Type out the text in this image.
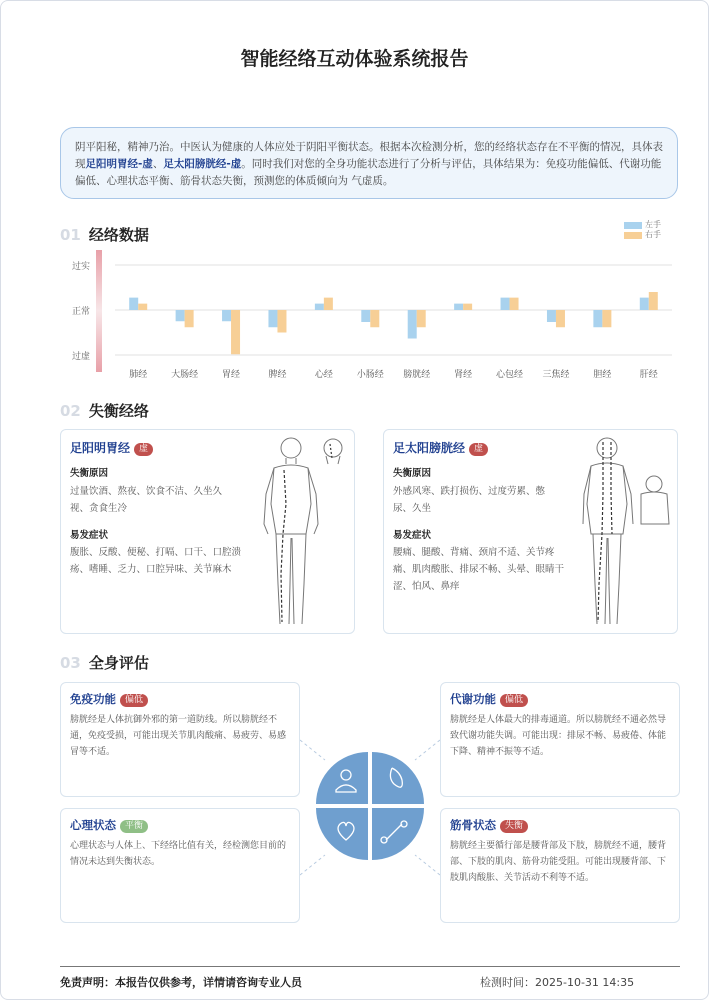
智能经络互动体验系统报告
阴平阳秘，精神乃治。中医认为健康的人体应处于阴阳平衡状态。根据本次检测分析，您的经络状态存在不平衡的情况，具体表现足阳明胃经-虚、足太阳膀胱经-虚。同时我们对您的全身功能状态进行了分析与评估，具体结果为：免疫功能偏低、代谢功能偏低、心理状态平衡、筋骨状态失衡，预测您的体质倾向为 气虚质。
01 经络数据
左手
右手
过实
正常
过虚
肺经	大肠经	胃经	脾经	心经	小肠经 膀胱经	肾经	心包经 三焦经	胆经	肝经
02 失衡经络
足阳明胃经 虚
失衡原因
过量饮酒、熬夜、饮食不洁、久坐久视、贪食生冷
易发症状
腹胀、反酸、便秘、打嗝、口干、口腔溃疡、嗜睡、乏力、口腔异味、关节麻木
足太阳膀胱经 虚
失衡原因
外感风寒、跌打损伤、过度劳累、憋尿、久坐
易发症状
腰痛、腿酸、背痛、颈肩不适、关节疼痛、肌肉酸胀、排尿不畅、头晕、眼睛干涩、怕风、鼻痒
03 全身评估
免疫功能 偏低
膀胱经是人体抗御外邪的第一道防线。所以膀胱经不通，免疫受损，可能出现关节肌肉酸痛、易疲劳、易感冒等不适。
代谢功能 偏低
膀胱经是人体最大的排毒通道。所以膀胱经不通必然导致代谢功能失调。可能出现：排尿不畅、易疲倦、体能下降、精神不振等不适。
心理状态 平衡
心理状态与人体上、下经络比值有关，经检测您目前的情况未达到失衡状态。
筋骨状态 失衡
膀胱经主要循行部是腰背部及下肢，膀胱经不通，腰背部、下肢的肌肉、筋骨功能受阻。可能出现腰背部、下肢肌肉酸胀、关节活动不利等不适。
免责声明：本报告仅供参考，详情请咨询专业人员	检测时间：2025-10-31 14:35
